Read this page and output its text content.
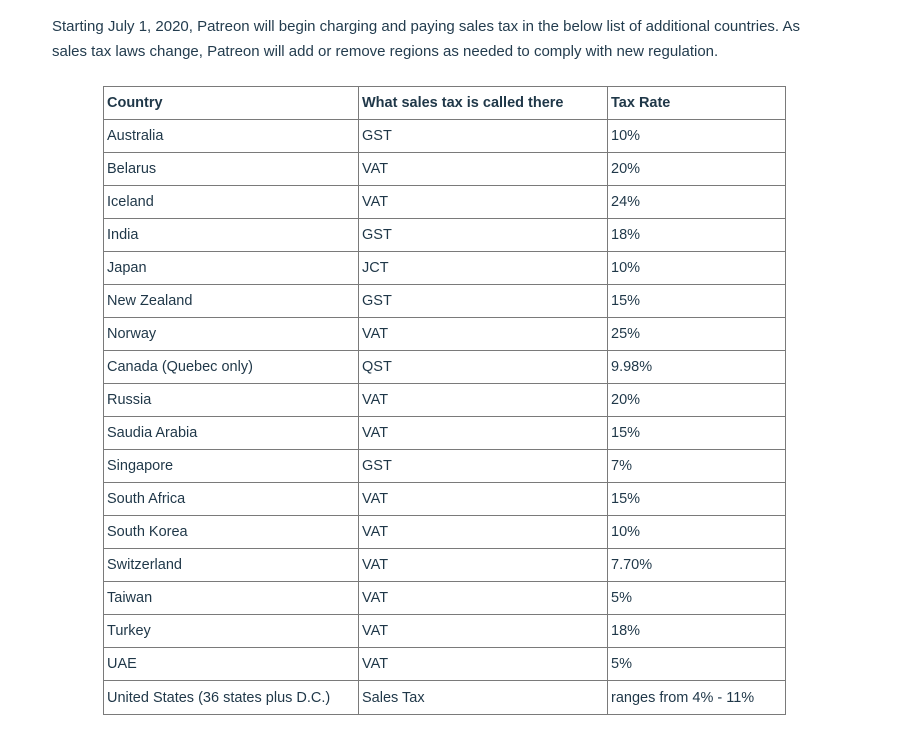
Starting July 1, 2020, Patreon will begin charging and paying sales tax in the below list of additional countries. As
sales tax laws change, Patreon will add or remove regions as needed to comply with new regulation.

Country	What sales tax is called there	Tax Rate
Australia	GST	10%
Belarus	VAT	20%
Iceland	VAT	24%
India	GST	18%
Japan	JCT	10%
New Zealand	GST	15%
Norway	VAT	25%
Canada (Quebec only)	QST	9.98%
Russia	VAT	20%
Saudia Arabia	VAT	15%
Singapore	GST	7%
South Africa	VAT	15%
South Korea	VAT	10%
Switzerland	VAT	7.70%
Taiwan	VAT	5%
Turkey	VAT	18%
UAE	VAT	5%
United States (36 states plus D.C.)	Sales Tax	ranges from 4% - 11%
